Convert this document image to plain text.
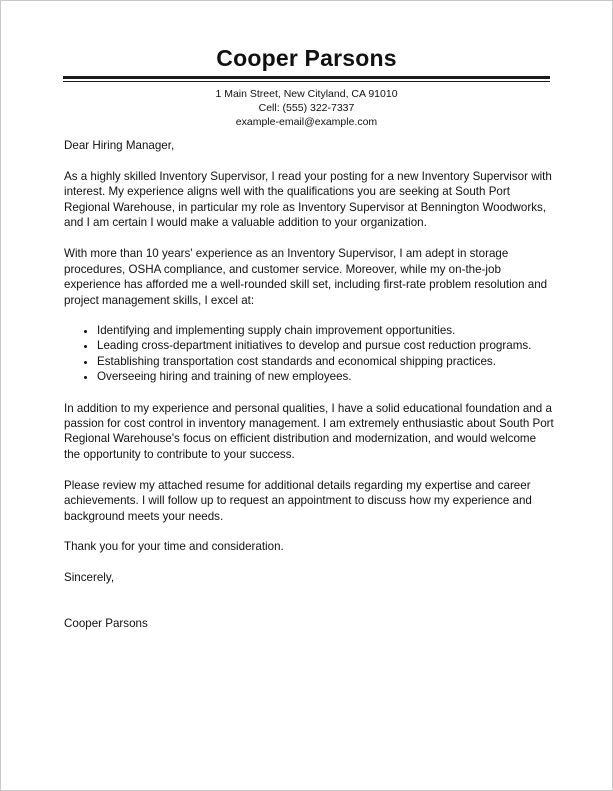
Cooper Parsons
1 Main Street, New Cityland, CA 91010
Cell: (555) 322-7337
example-email@example.com

Dear Hiring Manager,

As a highly skilled Inventory Supervisor, I read your posting for a new Inventory Supervisor with interest. My experience aligns well with the qualifications you are seeking at South Port Regional Warehouse, in particular my role as Inventory Supervisor at Bennington Woodworks, and I am certain I would make a valuable addition to your organization.

With more than 10 years' experience as an Inventory Supervisor, I am adept in storage procedures, OSHA compliance, and customer service. Moreover, while my on-the-job experience has afforded me a well-rounded skill set, including first-rate problem resolution and project management skills, I excel at:

• Identifying and implementing supply chain improvement opportunities.
• Leading cross-department initiatives to develop and pursue cost reduction programs.
• Establishing transportation cost standards and economical shipping practices.
• Overseeing hiring and training of new employees.

In addition to my experience and personal qualities, I have a solid educational foundation and a passion for cost control in inventory management. I am extremely enthusiastic about South Port Regional Warehouse's focus on efficient distribution and modernization, and would welcome the opportunity to contribute to your success.

Please review my attached resume for additional details regarding my expertise and career achievements. I will follow up to request an appointment to discuss how my experience and background meets your needs.

Thank you for your time and consideration.

Sincerely,

Cooper Parsons
